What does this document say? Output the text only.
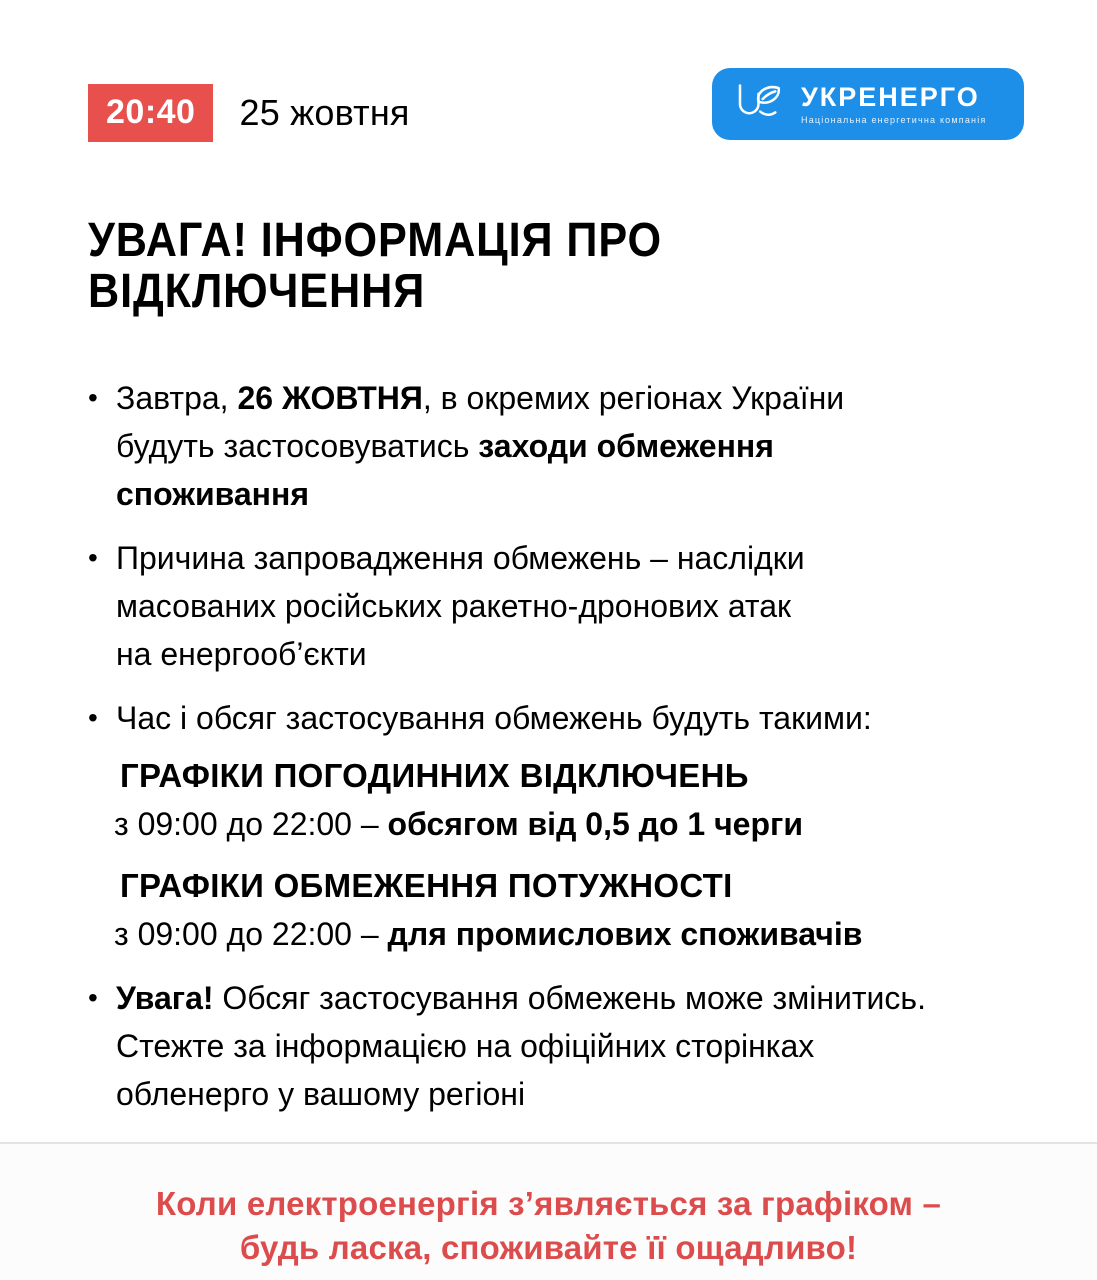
20:40	25 жовтня	УКРЕНЕРГО
Національна енергетична компанія
УВАГА! ІНФОРМАЦІЯ ПРО
ВІДКЛЮЧЕННЯ
•
Завтра, 26 ЖОВТНЯ, в окремих регіонах України
будуть застосовуватись заходи обмеження
споживання
•
Причина запровадження обмежень – наслідки
масованих російських ракетно-дронових атак
на енергооб’єкти
•
Час і обсяг застосування обмежень будуть такими:
ГРАФІКИ ПОГОДИННИХ ВІДКЛЮЧЕНЬ
з 09:00 до 22:00 – обсягом від 0,5 до 1 черги
ГРАФІКИ ОБМЕЖЕННЯ ПОТУЖНОСТІ
з 09:00 до 22:00 – для промислових споживачів
•
Увага! Обсяг застосування обмежень може змінитись.
Стежте за інформацією на офіційних сторінках
обленерго у вашому регіоні
Коли електроенергія з’являється за графіком –
будь ласка, споживайте її ощадливо!
